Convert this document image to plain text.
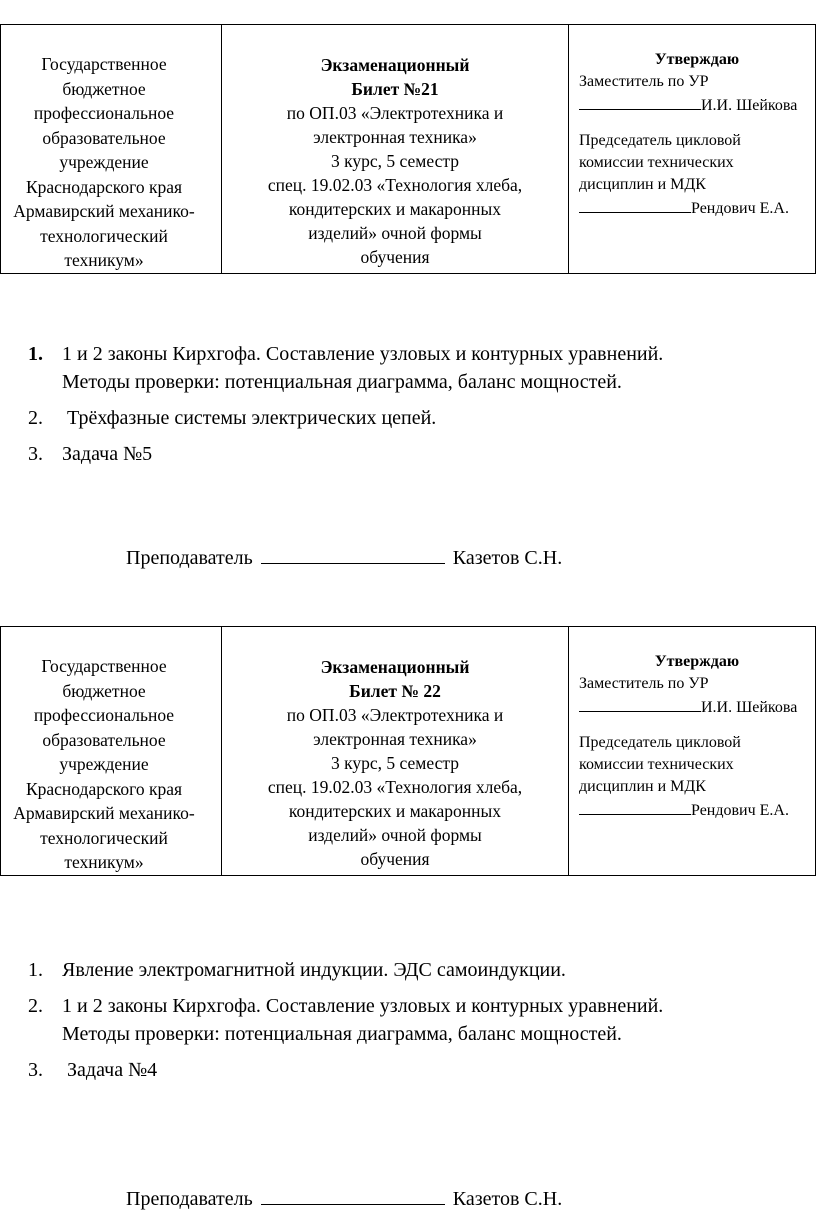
Государственное
бюджетное
профессиональное
образовательное
учреждение
Краснодарского края
Армавирский механико-
технологический
техникум»

Экзаменационный
Билет №21
по ОП.03 «Электротехника и
электронная техника»
3 курс, 5 семестр
спец. 19.02.03 «Технология хлеба,
кондитерских и макаронных
изделий» очной формы
обучения

Утверждаю
Заместитель по УР
И.И. Шейкова
Председатель цикловой
комиссии технических
дисциплин и МДК
Рендович Е.А.
1. 1 и 2 законы Кирхгофа. Составление узловых и контурных уравнений.
Методы проверки: потенциальная диаграмма, баланс мощностей.
2. Трёхфазные системы электрических цепей.
3. Задача №5
Преподаватель	Казетов С.Н.
Государственное
бюджетное
профессиональное
образовательное
учреждение
Краснодарского края
Армавирский механико-
технологический
техникум»

Экзаменационный
Билет № 22
по ОП.03 «Электротехника и
электронная техника»
3 курс, 5 семестр
спец. 19.02.03 «Технология хлеба,
кондитерских и макаронных
изделий» очной формы
обучения

Утверждаю
Заместитель по УР
И.И. Шейкова
Председатель цикловой
комиссии технических
дисциплин и МДК
Рендович Е.А.
1. Явление электромагнитной индукции. ЭДС самоиндукции.
2. 1 и 2 законы Кирхгофа. Составление узловых и контурных уравнений.
Методы проверки: потенциальная диаграмма, баланс мощностей.
3. Задача №4
Преподаватель	Казетов С.Н.
